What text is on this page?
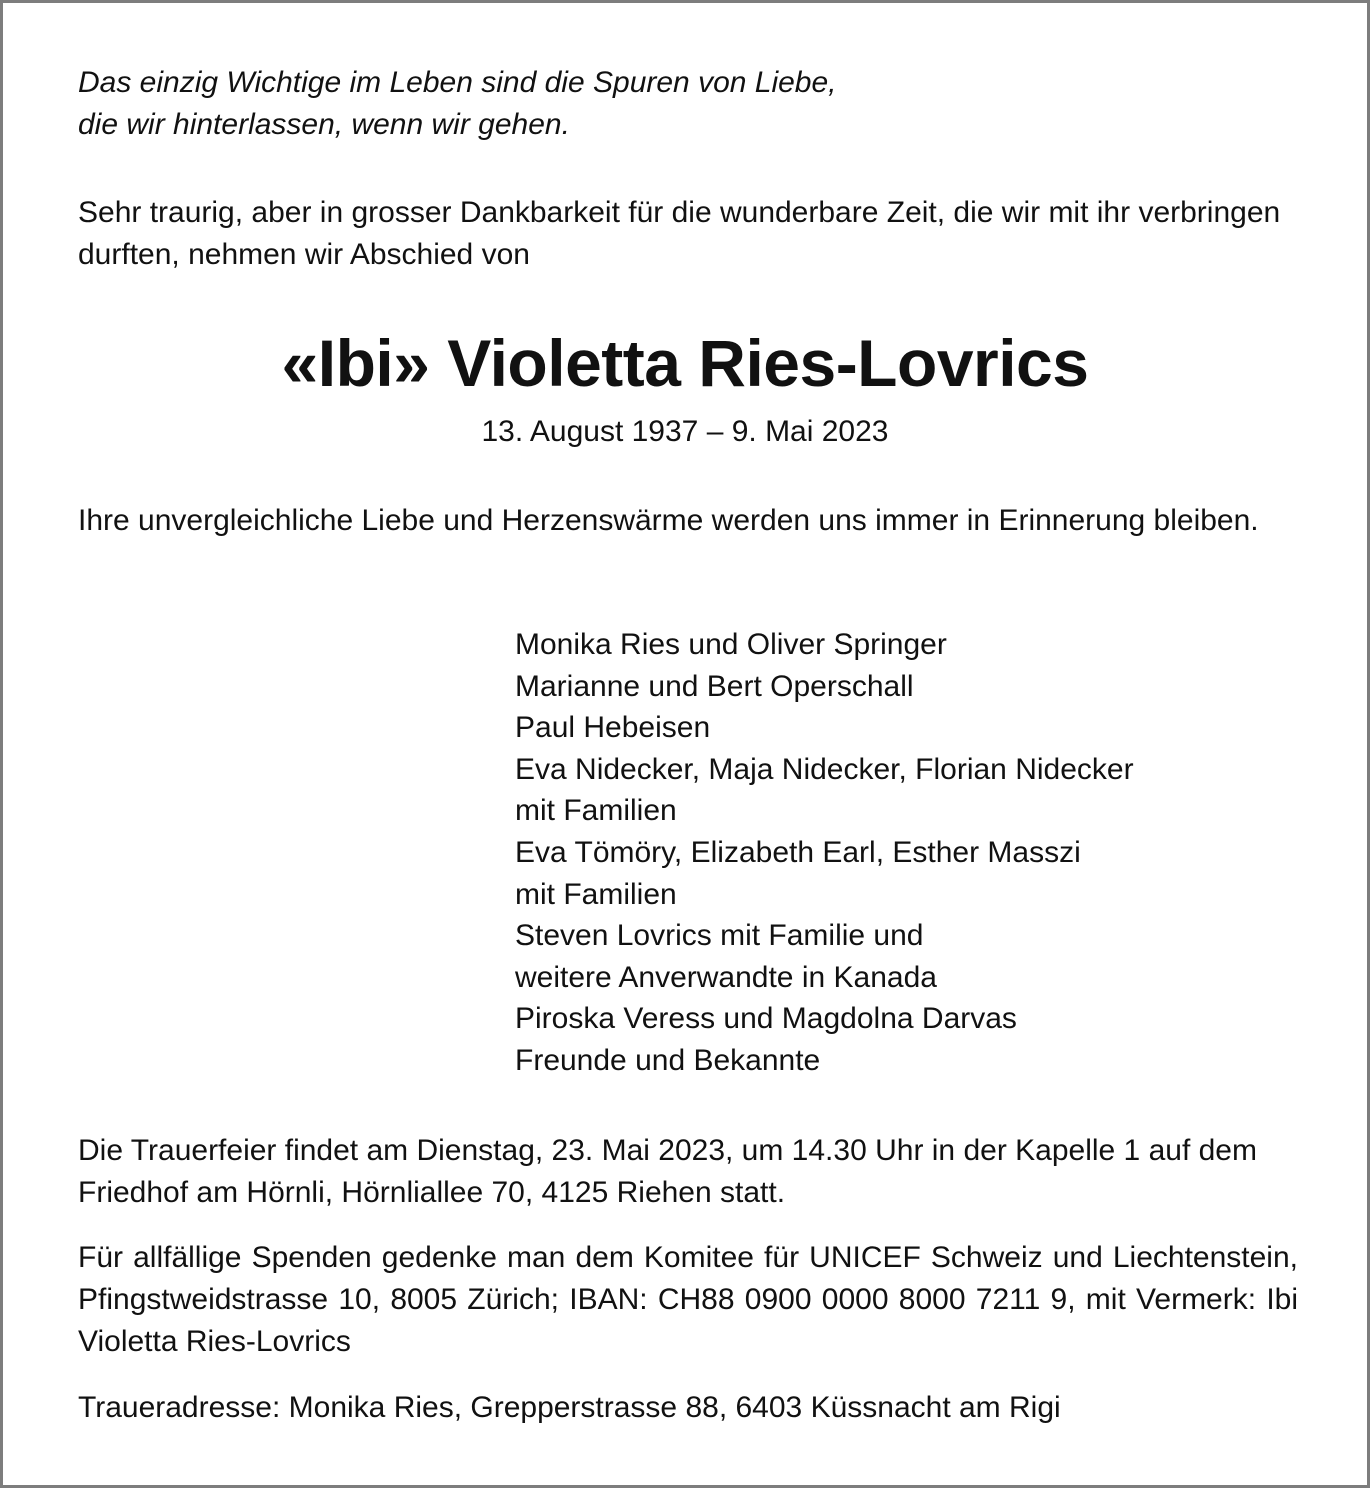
Das einzig Wichtige im Leben sind die Spuren von Liebe,
die wir hinterlassen, wenn wir gehen.

Sehr traurig, aber in grosser Dankbarkeit für die wunderbare Zeit, die wir mit ihr verbringen durften, nehmen wir Abschied von

«Ibi» Violetta Ries-Lovrics

13. August 1937 – 9. Mai 2023

Ihre unvergleichliche Liebe und Herzenswärme werden uns immer in Erinnerung bleiben.

Monika Ries und Oliver Springer
Marianne und Bert Operschall
Paul Hebeisen
Eva Nidecker, Maja Nidecker, Florian Nidecker
mit Familien
Eva Tömöry, Elizabeth Earl, Esther Masszi
mit Familien
Steven Lovrics mit Familie und
weitere Anverwandte in Kanada
Piroska Veress und Magdolna Darvas
Freunde und Bekannte

Die Trauerfeier findet am Dienstag, 23. Mai 2023, um 14.30 Uhr in der Kapelle 1 auf dem Friedhof am Hörnli, Hörnliallee 70, 4125 Riehen statt.

Für allfällige Spenden gedenke man dem Komitee für UNICEF Schweiz und Liechtenstein, Pfingstweidstrasse 10, 8005 Zürich; IBAN: CH88 0900 0000 8000 7211 9, mit Vermerk: Ibi Violetta Ries-Lovrics

Traueradresse: Monika Ries, Grepperstrasse 88, 6403 Küssnacht am Rigi
